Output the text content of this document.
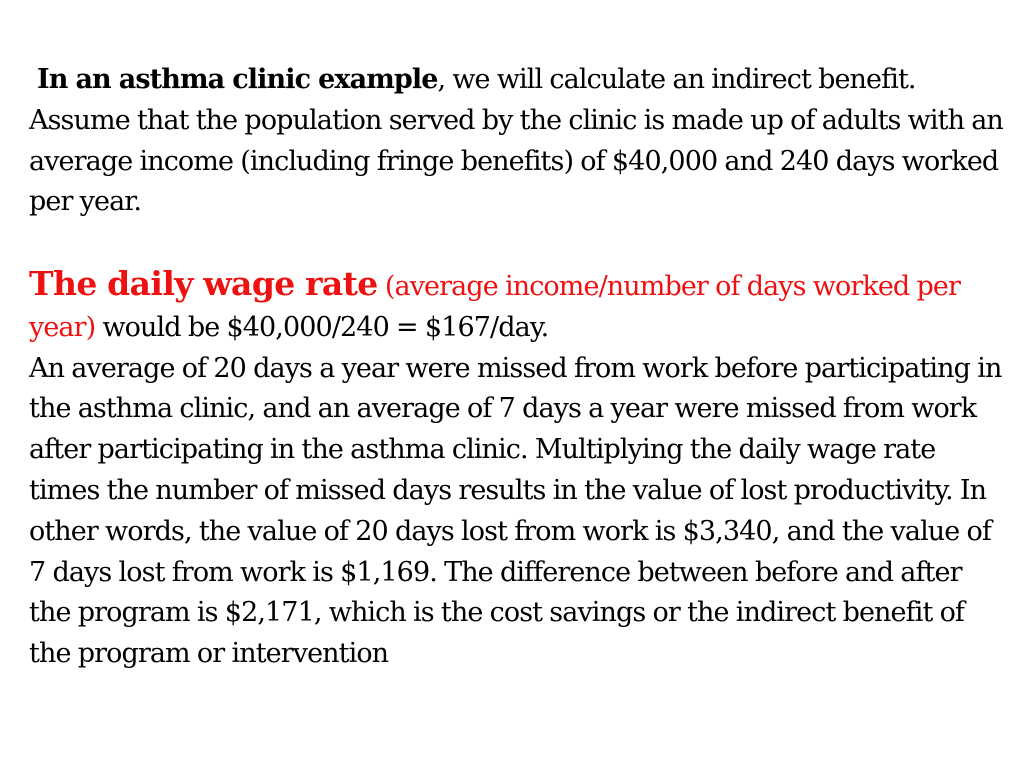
In an asthma clinic example, we will calculate an indirect benefit. Assume that the population served by the clinic is made up of adults with an average income (including fringe benefits) of $40,000 and 240 days worked per year.

The daily wage rate (average income/number of days worked per year) would be $40,000/240 = $167/day.

An average of 20 days a year were missed from work before participating in the asthma clinic, and an average of 7 days a year were missed from work after participating in the asthma clinic. Multiplying the daily wage rate times the number of missed days results in the value of lost productivity. In other words, the value of 20 days lost from work is $3,340, and the value of 7 days lost from work is $1,169. The difference between before and after the program is $2,171, which is the cost savings or the indirect benefit of the program or intervention
